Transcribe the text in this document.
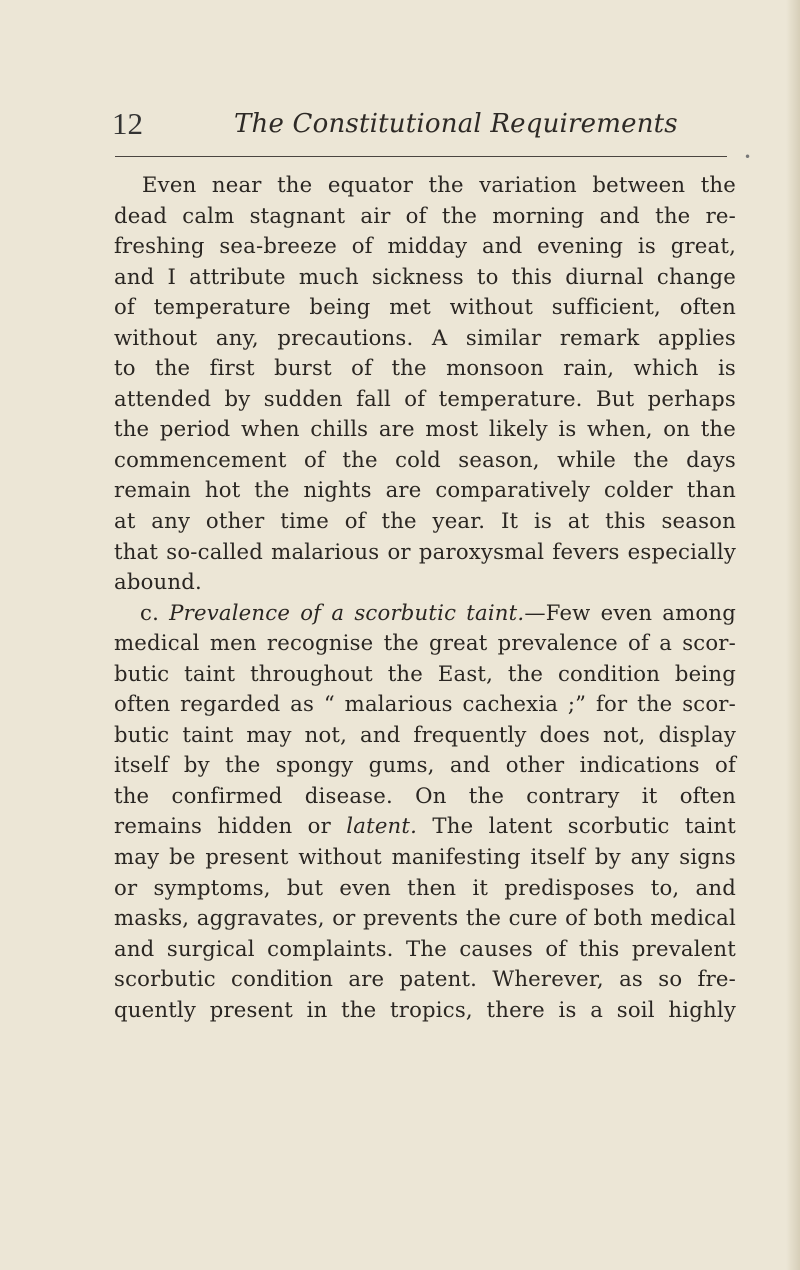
12	The Constitutional Requirements
•
Even near the equator the variation between the
dead calm stagnant air of the morning and the re-
freshing sea-breeze of midday and evening is great,
and I attribute much sickness to this diurnal change
of temperature being met without sufficient, often
without any, precautions. A similar remark applies
to the first burst of the monsoon rain, which is
attended by sudden fall of temperature. But perhaps
the period when chills are most likely is when, on the
commencement of the cold season, while the days
remain hot the nights are comparatively colder than
at any other time of the year. It is at this season
that so-called malarious or paroxysmal fevers especially
abound.
c. Prevalence of a scorbutic taint.—Few even among
medical men recognise the great prevalence of a scor-
butic taint throughout the East, the condition being
often regarded as “ malarious cachexia ;” for the scor-
butic taint may not, and frequently does not, display
itself by the spongy gums, and other indications of
the confirmed disease. On the contrary it often
remains hidden or latent. The latent scorbutic taint
may be present without manifesting itself by any signs
or symptoms, but even then it predisposes to, and
masks, aggravates, or prevents the cure of both medical
and surgical complaints. The causes of this prevalent
scorbutic condition are patent. Wherever, as so fre-
quently present in the tropics, there is a soil highly
